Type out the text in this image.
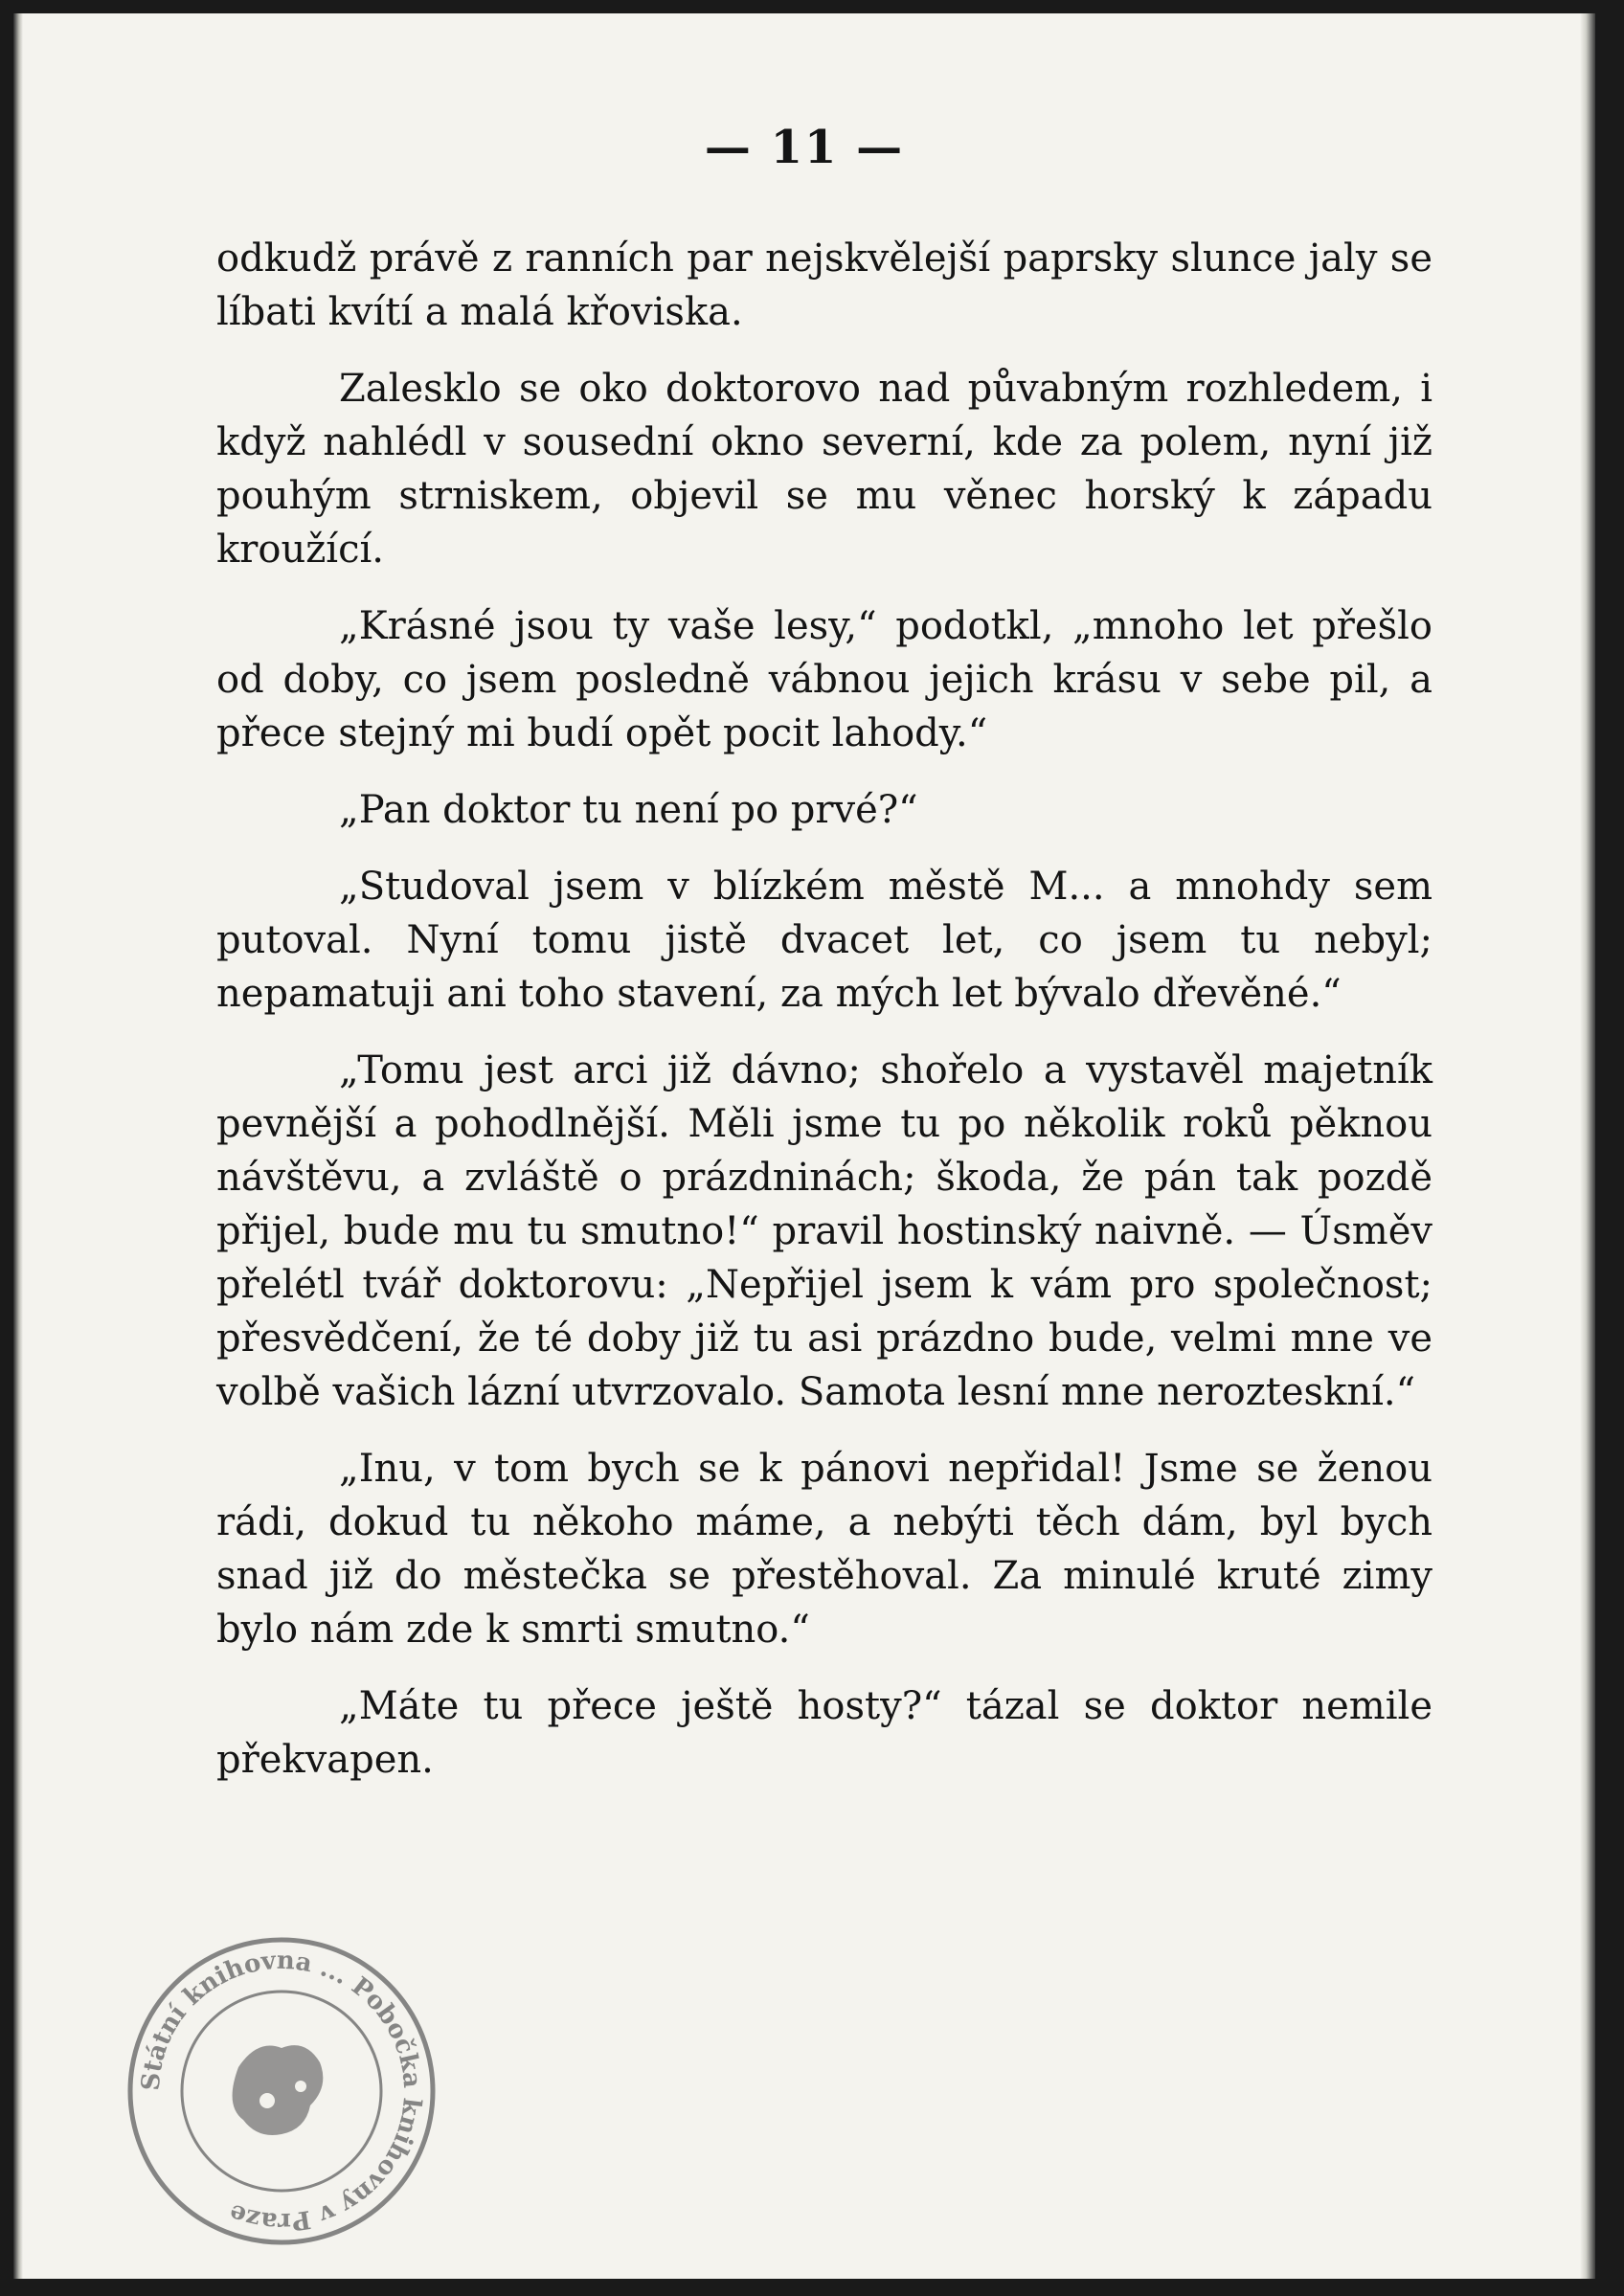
— 11 —

odkudž právě z ranních par nejskvělejší paprsky slunce jaly se líbati kvítí a malá křoviska.

Zalesklo se oko doktorovo nad půvabným rozhledem, i když nahlédl v sousední okno severní, kde za polem, nyní již pouhým strniskem, objevil se mu věnec horský k západu kroužící.

„Krásné jsou ty vaše lesy,“ podotkl, „mnoho let přešlo od doby, co jsem posledně vábnou jejich krásu v sebe pil, a přece stejný mi budí opět pocit lahody.“

„Pan doktor tu není po prvé?“

„Studoval jsem v blízkém městě M... a mnohdy sem putoval. Nyní tomu jistě dvacet let, co jsem tu nebyl; nepamatuji ani toho stavení, za mých let bývalo dřevěné.“

„Tomu jest arci již dávno; shořelo a vystavěl majetník pevnější a pohodlnější. Měli jsme tu po několik roků pěknou návštěvu, a zvláště o prázdninách; škoda, že pán tak pozdě přijel, bude mu tu smutno!“ pravil hostinský naivně. — Úsměv přelétl tvář doktorovu: „Nepřijel jsem k vám pro společnost; přesvědčení, že té doby již tu asi prázdno bude, velmi mne ve volbě vašich lázní utvrzovalo. Samota lesní mne nerozteskní.“

„Inu, v tom bych se k pánovi nepřidal! Jsme se ženou rádi, dokud tu někoho máme, a nebýti těch dám, byl bych snad již do městečka se přestěhoval. Za minulé kruté zimy bylo nám zde k smrti smutno.“

„Máte tu přece ještě hosty?“ tázal se doktor nemile překvapen.

Státní knihovna ... Pobočka knihovny v Praze
